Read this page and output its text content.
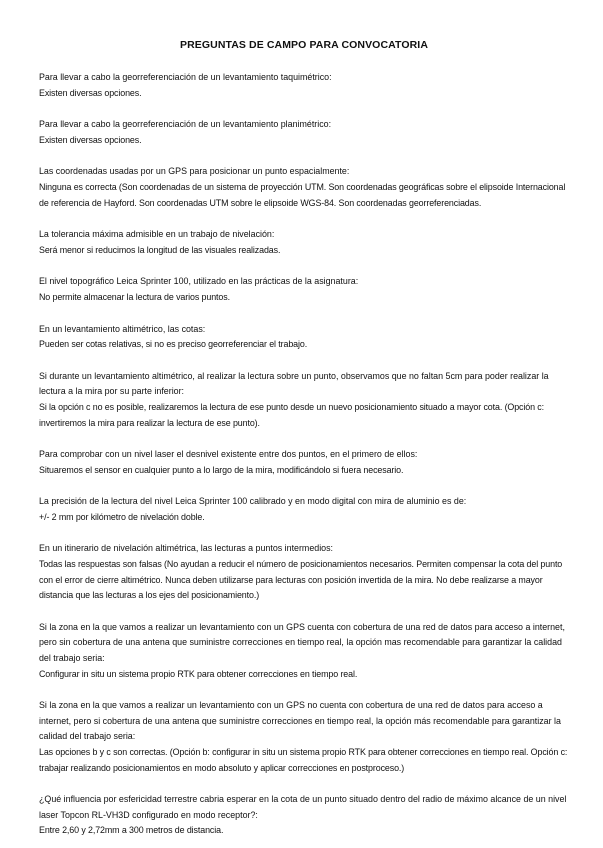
PREGUNTAS DE CAMPO PARA CONVOCATORIA

Para llevar a cabo la georreferenciación de un levantamiento taquimétrico:

Existen diversas opciones.

Para llevar a cabo la georreferenciación de un levantamiento planimétrico:

Existen diversas opciones.

Las coordenadas usadas por un GPS para posicionar un punto espacialmente:

Ninguna es correcta (Son coordenadas de un sistema de proyección UTM. Son coordenadas geográficas sobre el elipsoide Internacional de referencia de Hayford. Son coordenadas UTM sobre le elipsoide WGS-84. Son coordenadas georreferenciadas.

La tolerancia máxima admisible en un trabajo de nivelación:

Será menor si reducimos la longitud de las visuales realizadas.

El nivel topográfico Leica Sprinter 100, utilizado en las prácticas de la asignatura:

No permite almacenar la lectura de varios puntos.

En un levantamiento altimétrico, las cotas:

Pueden ser cotas relativas, si no es preciso georreferenciar el trabajo.

Si durante un levantamiento altimétrico, al realizar la lectura sobre un punto, observamos que no faltan 5cm para poder realizar la lectura a la mira por su parte inferior:

Si la opción c no es posible, realizaremos la lectura de ese punto desde un nuevo posicionamiento situado a mayor cota. (Opción c: invertiremos la mira para realizar la lectura de ese punto).

Para comprobar con un nivel laser el desnivel existente entre dos puntos, en el primero de ellos:

Situaremos el sensor en cualquier punto a lo largo de la mira, modificándolo si fuera necesario.

La precisión de la lectura del nivel Leica Sprinter 100 calibrado y en modo digital con mira de aluminio es de:

+/- 2 mm por kilómetro de nivelación doble.

En un itinerario de nivelación altimétrica, las lecturas a puntos intermedios:

Todas las respuestas son falsas (No ayudan a reducir el número de posicionamientos necesarios. Permiten compensar la cota del punto con el error de cierre altimétrico. Nunca deben utilizarse para lecturas con posición invertida de la mira. No debe realizarse a mayor distancia que las lecturas a los ejes del posicionamiento.)

Si la zona en la que vamos a realizar un levantamiento con un GPS cuenta con cobertura de una red de datos para acceso a internet, pero sin cobertura de una antena que suministre correcciones en tiempo real, la opción mas recomendable para garantizar la calidad del trabajo seria:

Configurar in situ un sistema propio RTK para obtener correcciones en tiempo real.

Si la zona en la que vamos a realizar un levantamiento con un GPS no cuenta con cobertura de una red de datos para acceso a internet, pero si cobertura de una antena que suministre correcciones en tiempo real, la opción más recomendable para garantizar la calidad del trabajo seria:

Las opciones b y c son correctas. (Opción b: configurar in situ un sistema propio RTK para obtener correcciones en tiempo real. Opción c: trabajar realizando posicionamientos en modo absoluto y aplicar correcciones en postproceso.)

¿Qué influencia por esfericidad terrestre cabria esperar en la cota de un punto situado dentro del radio de máximo alcance de un nivel laser Topcon RL-VH3D configurado en modo receptor?:

Entre 2,60 y 2,72mm a 300 metros de distancia.
